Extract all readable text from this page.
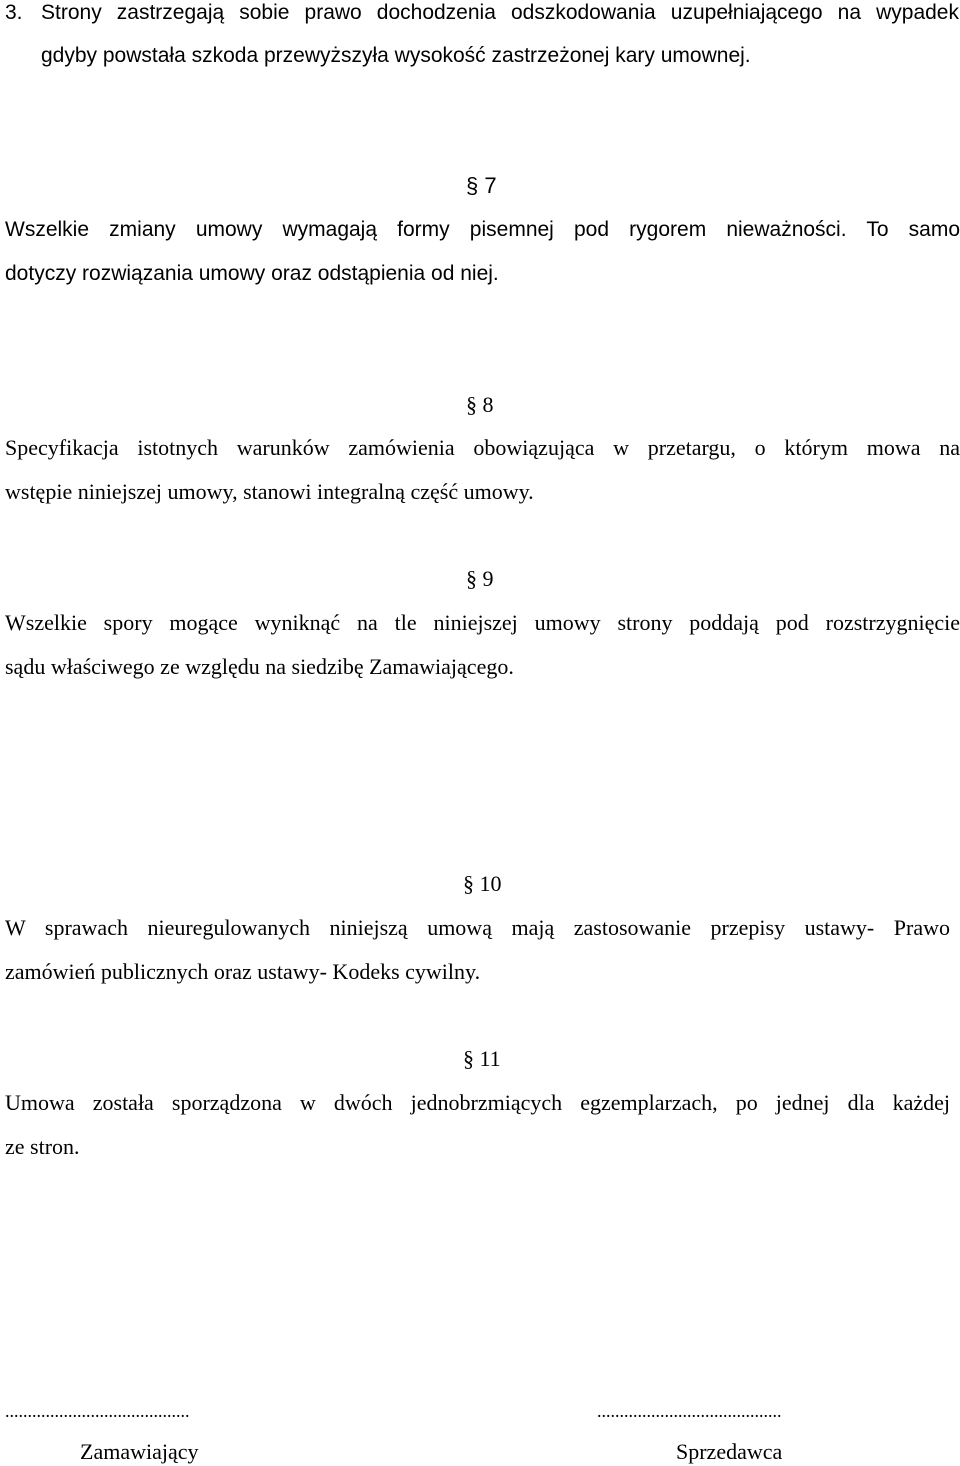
3. Strony zastrzegają sobie prawo dochodzenia odszkodowania uzupełniającego na wypadek
gdyby powstała szkoda przewyższyła wysokość zastrzeżonej kary umownej.
§ 7
Wszelkie zmiany umowy wymagają formy pisemnej pod rygorem nieważności. To samo
dotyczy rozwiązania umowy oraz odstąpienia od niej.
§ 8
Specyfikacja istotnych warunków zamówienia obowiązująca w przetargu, o którym mowa na
wstępie niniejszej umowy, stanowi integralną część umowy.
§ 9
Wszelkie spory mogące wyniknąć na tle niniejszej umowy strony poddają pod rozstrzygnięcie
sądu właściwego ze względu na siedzibę Zamawiającego.
§ 10
W sprawach nieuregulowanych niniejszą umową mają zastosowanie przepisy ustawy- Prawo
zamówień publicznych oraz ustawy- Kodeks cywilny.
§ 11
Umowa została sporządzona w dwóch jednobrzmiących egzemplarzach, po jednej dla każdej
ze stron.
.........................................
Zamawiający
.........................................
Sprzedawca
